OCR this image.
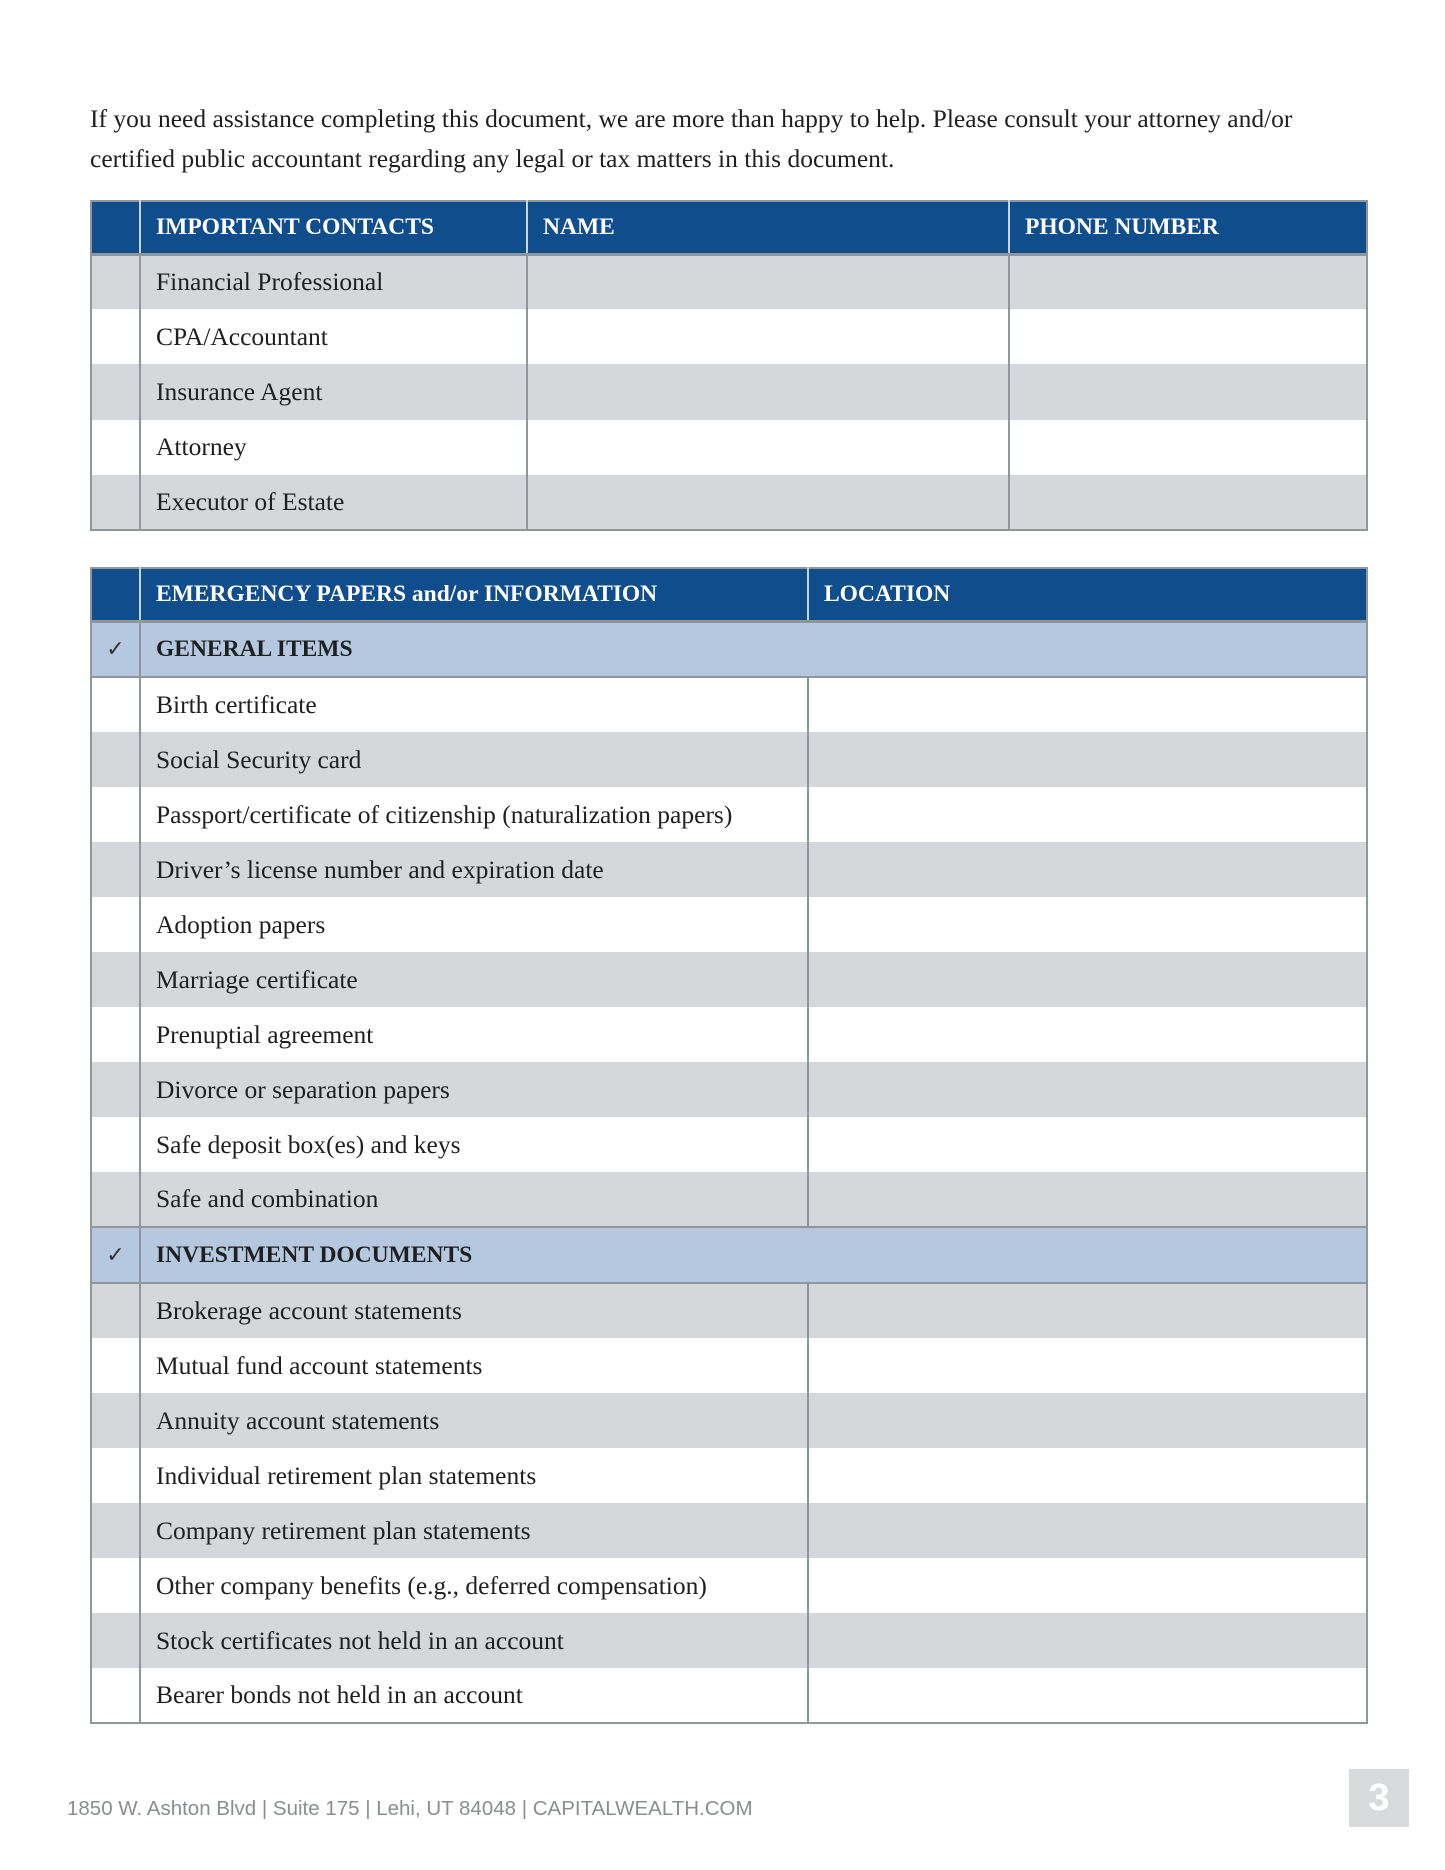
If you need assistance completing this document, we are more than happy to help. Please consult your attorney and/or
certified public accountant regarding any legal or tax matters in this document.

	IMPORTANT CONTACTS	NAME	PHONE NUMBER
	Financial Professional		
	CPA/Accountant		
	Insurance Agent		
	Attorney		
	Executor of Estate		
	EMERGENCY PAPERS and/or INFORMATION	LOCATION
✓	GENERAL ITEMS	
	Birth certificate	
	Social Security card	
	Passport/certificate of citizenship (naturalization papers)	
	Driver’s license number and expiration date	
	Adoption papers	
	Marriage certificate	
	Prenuptial agreement	
	Divorce or separation papers	
	Safe deposit box(es) and keys	
	Safe and combination	
✓	INVESTMENT DOCUMENTS	
	Brokerage account statements	
	Mutual fund account statements	
	Annuity account statements	
	Individual retirement plan statements	
	Company retirement plan statements	
	Other company benefits (e.g., deferred compensation)	
	Stock certificates not held in an account	
	Bearer bonds not held in an account	

1850 W. Ashton Blvd | Suite 175 | Lehi, UT 84048 | CAPITALWEALTH.COM	3
